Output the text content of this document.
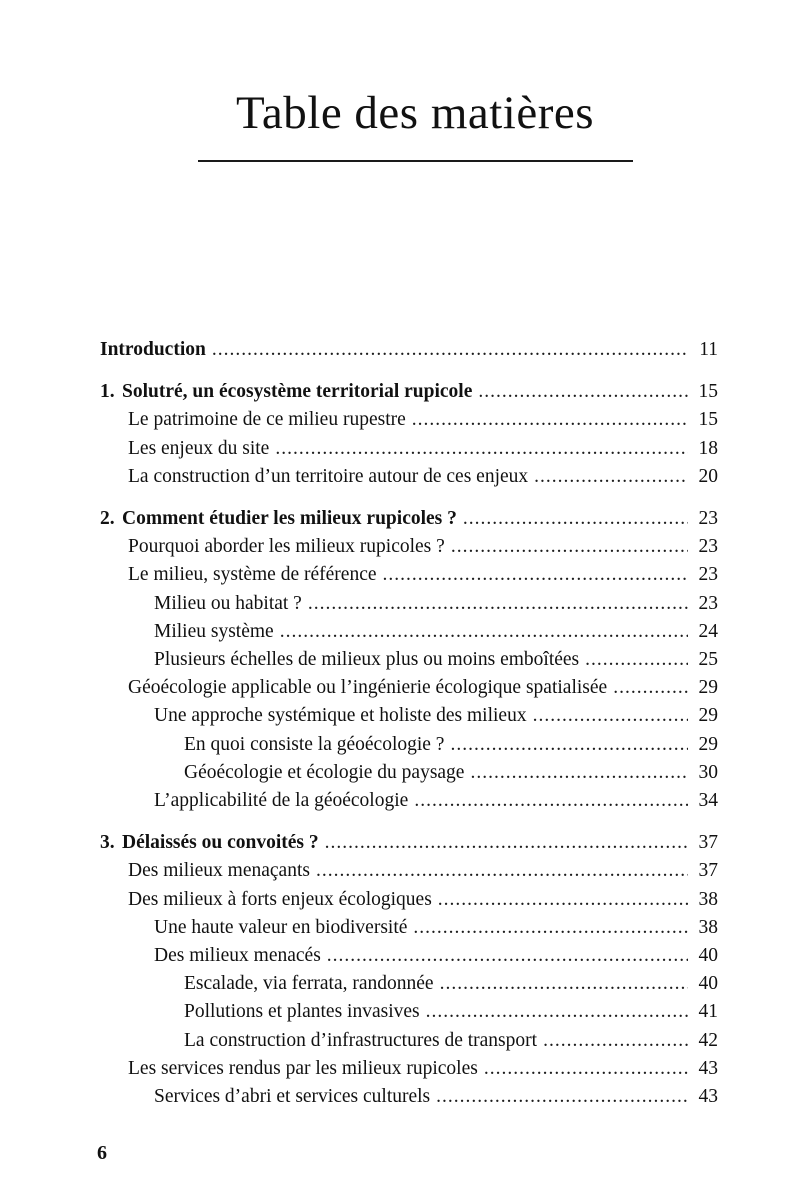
Table des matières
Introduction .....	11
1. Solutré, un écosystème territorial rupicole .....	15
Le patrimoine de ce milieu rupestre .....	15
Les enjeux du site .....	18
La construction d’un territoire autour de ces enjeux .....	20
2. Comment étudier les milieux rupicoles ? .....	23
Pourquoi aborder les milieux rupicoles ? .....	23
Le milieu, système de référence .....	23
Milieu ou habitat ? .....	23
Milieu système .....	24
Plusieurs échelles de milieux plus ou moins emboîtées .....	25
Géoécologie applicable ou l’ingénierie écologique spatialisée .....	29
Une approche systémique et holiste des milieux .....	29
En quoi consiste la géoécologie ? .....	29
Géoécologie et écologie du paysage .....	30
L’applicabilité de la géoécologie .....	34
3. Délaissés ou convoités ? .....	37
Des milieux menaçants .....	37
Des milieux à forts enjeux écologiques .....	38
Une haute valeur en biodiversité .....	38
Des milieux menacés .....	40
Escalade, via ferrata, randonnée .....	40
Pollutions et plantes invasives .....	41
La construction d’infrastructures de transport .....	42
Les services rendus par les milieux rupicoles .....	43
Services d’abri et services culturels .....	43
6
